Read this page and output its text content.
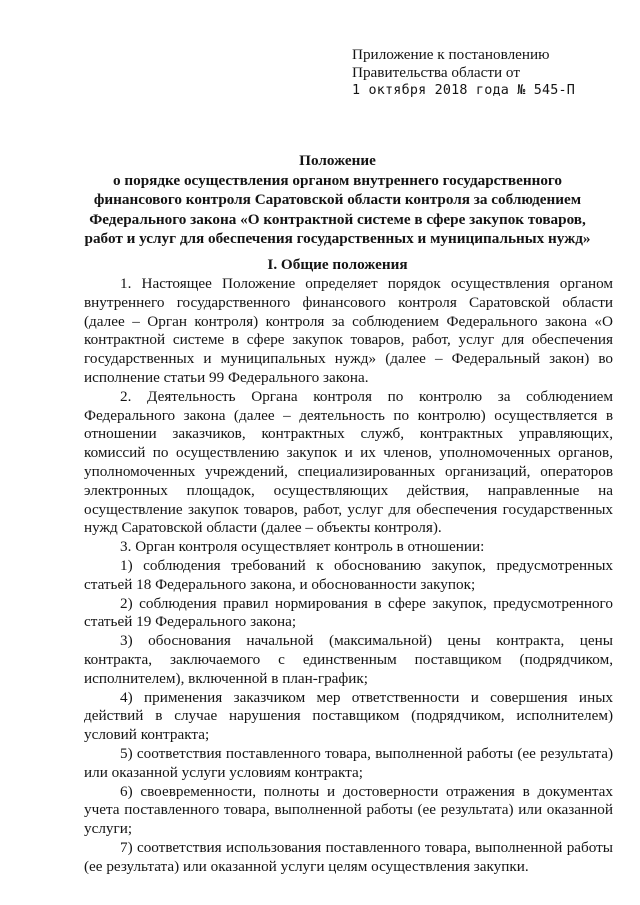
Приложение к постановлению
Правительства области от
1 октября 2018 года № 545-П
Положение
о порядке осуществления органом внутреннего государственного
финансового контроля Саратовской области контроля за соблюдением
Федерального закона «О контрактной системе в сфере закупок товаров,
работ и услуг для обеспечения государственных и муниципальных нужд»
I. Общие положения

1. Настоящее Положение определяет порядок осуществления органом внутреннего государственного финансового контроля Саратовской области (далее – Орган контроля) контроля за соблюдением Федерального закона «О контрактной системе в сфере закупок товаров, работ, услуг для обеспечения государственных и муниципальных нужд» (далее – Федеральный закон) во исполнение статьи 99 Федерального закона.

2. Деятельность Органа контроля по контролю за соблюдением Федерального закона (далее – деятельность по контролю) осуществляется в отношении заказчиков, контрактных служб, контрактных управляющих, комиссий по осуществлению закупок и их членов, уполномоченных органов, уполномоченных учреждений, специализированных организаций, операторов электронных площадок, осуществляющих действия, направленные на осуществление закупок товаров, работ, услуг для обеспечения государственных нужд Саратовской области (далее – объекты контроля).

3. Орган контроля осуществляет контроль в отношении:

1) соблюдения требований к обоснованию закупок, предусмотренных статьей 18 Федерального закона, и обоснованности закупок;

2) соблюдения правил нормирования в сфере закупок, предусмотренного статьей 19 Федерального закона;

3) обоснования начальной (максимальной) цены контракта, цены контракта, заключаемого с единственным поставщиком (подрядчиком, исполнителем), включенной в план-график;

4) применения заказчиком мер ответственности и совершения иных действий в случае нарушения поставщиком (подрядчиком, исполнителем) условий контракта;

5) соответствия поставленного товара, выполненной работы (ее результата) или оказанной услуги условиям контракта;

6) своевременности, полноты и достоверности отражения в документах учета поставленного товара, выполненной работы (ее результата) или оказанной услуги;

7) соответствия использования поставленного товара, выполненной работы (ее результата) или оказанной услуги целям осуществления закупки.
